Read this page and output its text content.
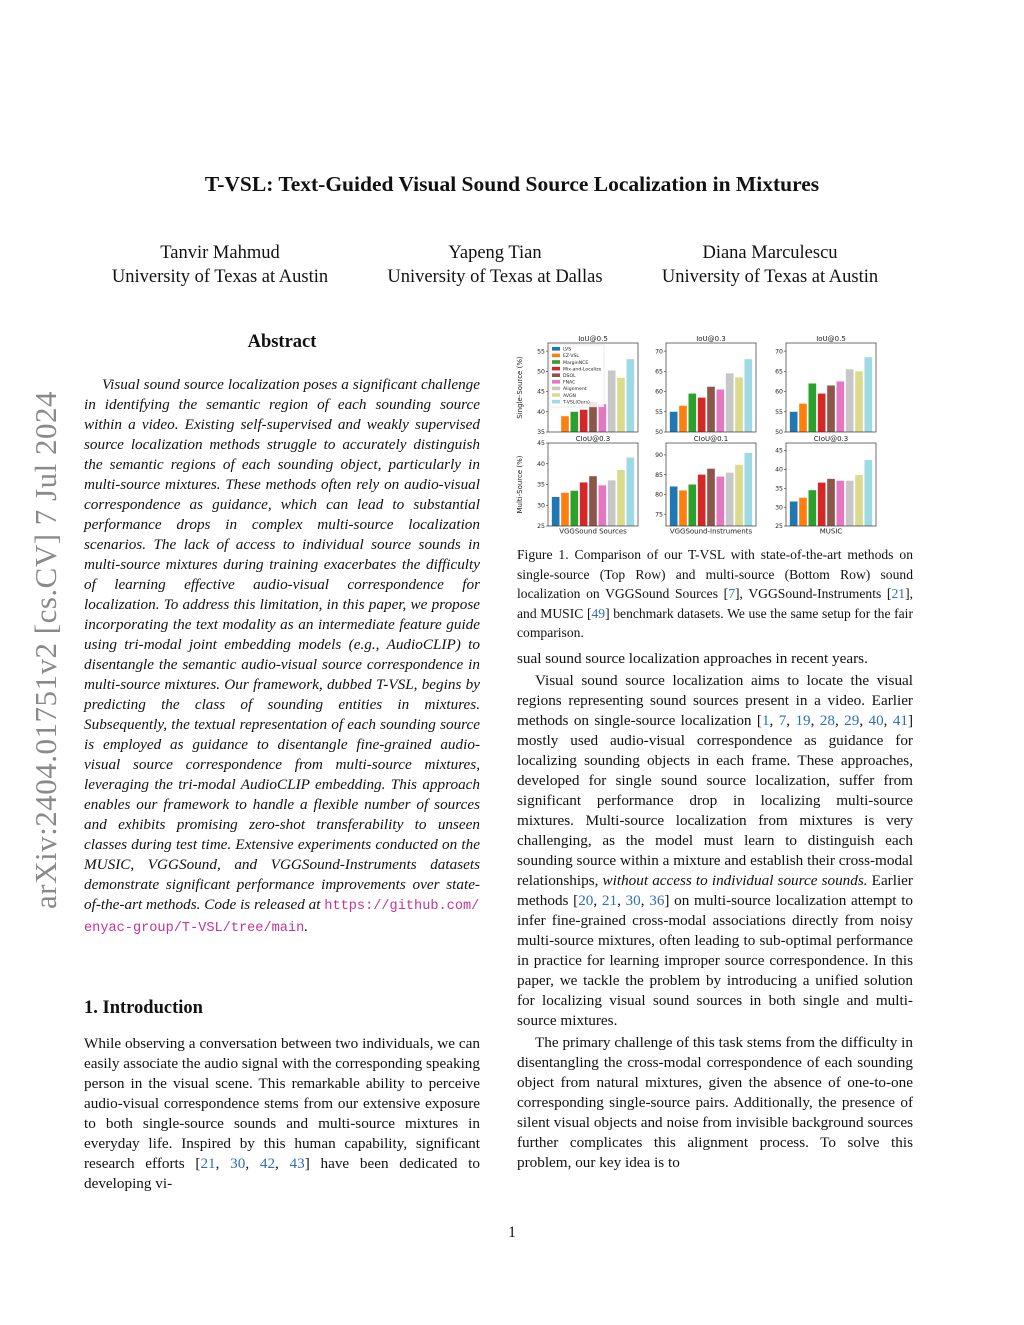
arXiv:2404.01751v2 [cs.CV] 7 Jul 2024
T-VSL: Text-Guided Visual Sound Source Localization in Mixtures
Tanvir Mahmud
University of Texas at Austin
Yapeng Tian
University of Texas at Dallas
Diana Marculescu
University of Texas at Austin
Abstract

Visual sound source localization poses a significant challenge in identifying the semantic region of each sounding source within a video. Existing self-supervised and weakly supervised source localization methods struggle to accurately distinguish the semantic regions of each sounding object, particularly in multi-source mixtures. These methods often rely on audio-visual correspondence as guidance, which can lead to substantial performance drops in complex multi-source localization scenarios. The lack of access to individual source sounds in multi-source mixtures during training exacerbates the difficulty of learning effective audio-visual correspondence for localization. To address this limitation, in this paper, we propose incorporating the text modality as an intermediate feature guide using tri-modal joint embedding models (e.g., AudioCLIP) to disentangle the semantic audio-visual source correspondence in multi-source mixtures. Our framework, dubbed T-VSL, begins by predicting the class of sounding entities in mixtures. Subsequently, the textual representation of each sounding source is employed as guidance to disentangle fine-grained audio-visual source correspondence from multi-source mixtures, leveraging the tri-modal AudioCLIP embedding. This approach enables our framework to handle a flexible number of sources and exhibits promising zero-shot transferability to unseen classes during test time. Extensive experiments conducted on the MUSIC, VGGSound, and VGGSound-Instruments datasets demonstrate significant performance improvements over state-of-the-art methods. Code is released at https://github.com/
enyac-group/T-VSL/tree/main.

1. Introduction

While observing a conversation between two individuals, we can easily associate the audio signal with the corresponding speaking person in the visual scene. This remarkable ability to perceive audio-visual correspondence stems from our extensive exposure to both single-source sounds and multi-source mixtures in everyday life. Inspired by this human capability, significant research efforts [21, 30, 42, 43] have been dedicated to developing vi-

Single-Source (%)
Multi-Source (%)
IoU@0.5
35
40
45
50
55
IoU@0.3
50
55
60
65
70
IoU@0.5
50
55
60
65
70
CIoU@0.3
25
30
35
40
45
VGGSound Sources
CIoU@0.1
75
80
85
90
VGGSound-Instruments
CIoU@0.3
25
30
35
40
45
MUSIC
LVS
EZ-VSL
MarginNCE
Mix-and-Localize
DSOL
FNAC
Alignment
AVGN
T-VSL(Ours)
Figure 1. Comparison of our T-VSL with state-of-the-art methods on single-source (Top Row) and multi-source (Bottom Row) sound localization on VGGSound Sources [7], VGGSound-Instruments [21], and MUSIC [49] benchmark datasets. We use the same setup for the fair comparison.

sual sound source localization approaches in recent years.

Visual sound source localization aims to locate the visual regions representing sound sources present in a video. Earlier methods on single-source localization [1, 7, 19, 28, 29, 40, 41] mostly used audio-visual correspondence as guidance for localizing sounding objects in each frame. These approaches, developed for single sound source localization, suffer from significant performance drop in localizing multi-source mixtures. Multi-source localization from mixtures is very challenging, as the model must learn to distinguish each sounding source within a mixture and establish their cross-modal relationships, without access to individual source sounds. Earlier methods [20, 21, 30, 36] on multi-source localization attempt to infer fine-grained cross-modal associations directly from noisy multi-source mixtures, often leading to sub-optimal performance in practice for learning improper source correspondence. In this paper, we tackle the problem by introducing a unified solution for localizing visual sound sources in both single and multi-source mixtures.

The primary challenge of this task stems from the difficulty in disentangling the cross-modal correspondence of each sounding object from natural mixtures, given the absence of one-to-one corresponding single-source pairs. Additionally, the presence of silent visual objects and noise from invisible background sources further complicates this alignment process. To solve this problem, our key idea is to

1
